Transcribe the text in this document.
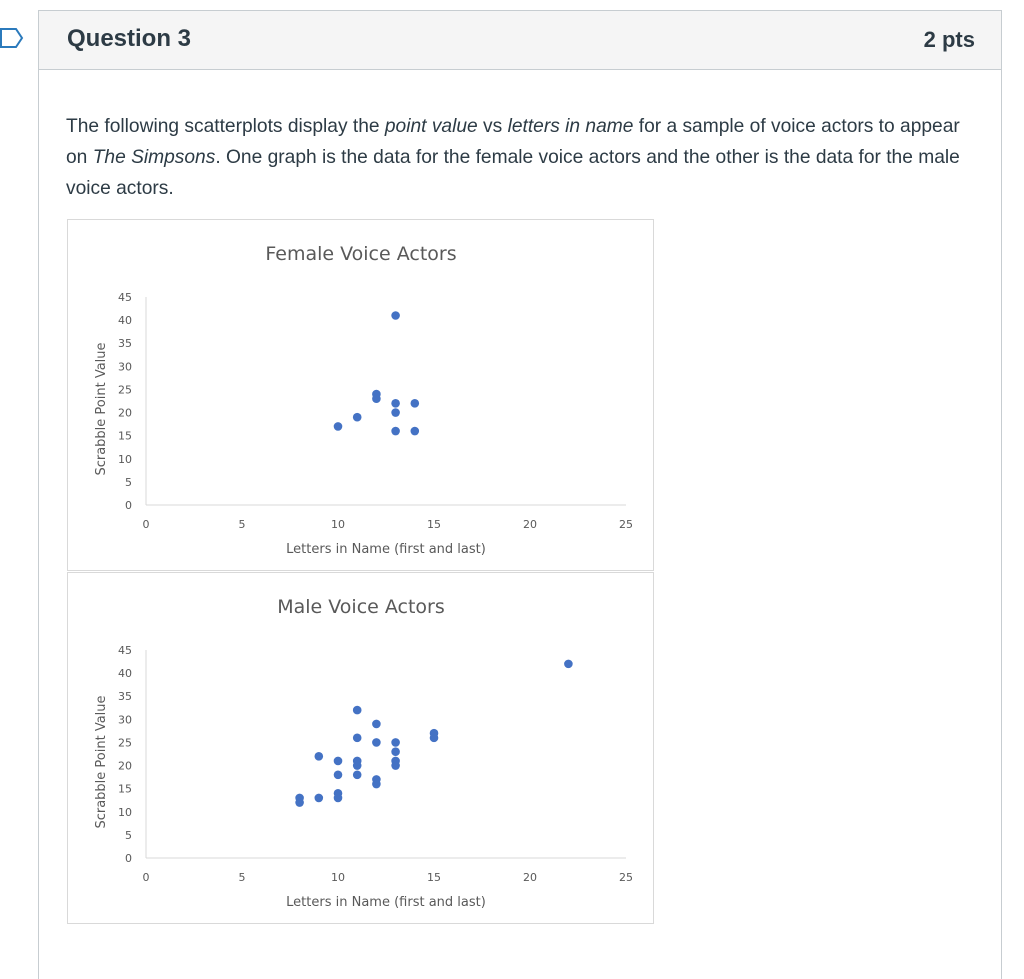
Question 3	2 pts
The following scatterplots display the point value vs letters in name for a sample of voice actors to appear on The Simpsons. One graph is the data for the female voice actors and the other is the data for the male voice actors.
Female Voice Actors
0
5
10
15
20
25
30
35
40
45
0	5	10	15	20	25
Letters in Name (first and last)
Scrabble Point Value
Male Voice Actors
0
5
10
15
20
25
30
35
40
45
0	5	10	15	20	25
Letters in Name (first and last)
Scrabble Point Value
